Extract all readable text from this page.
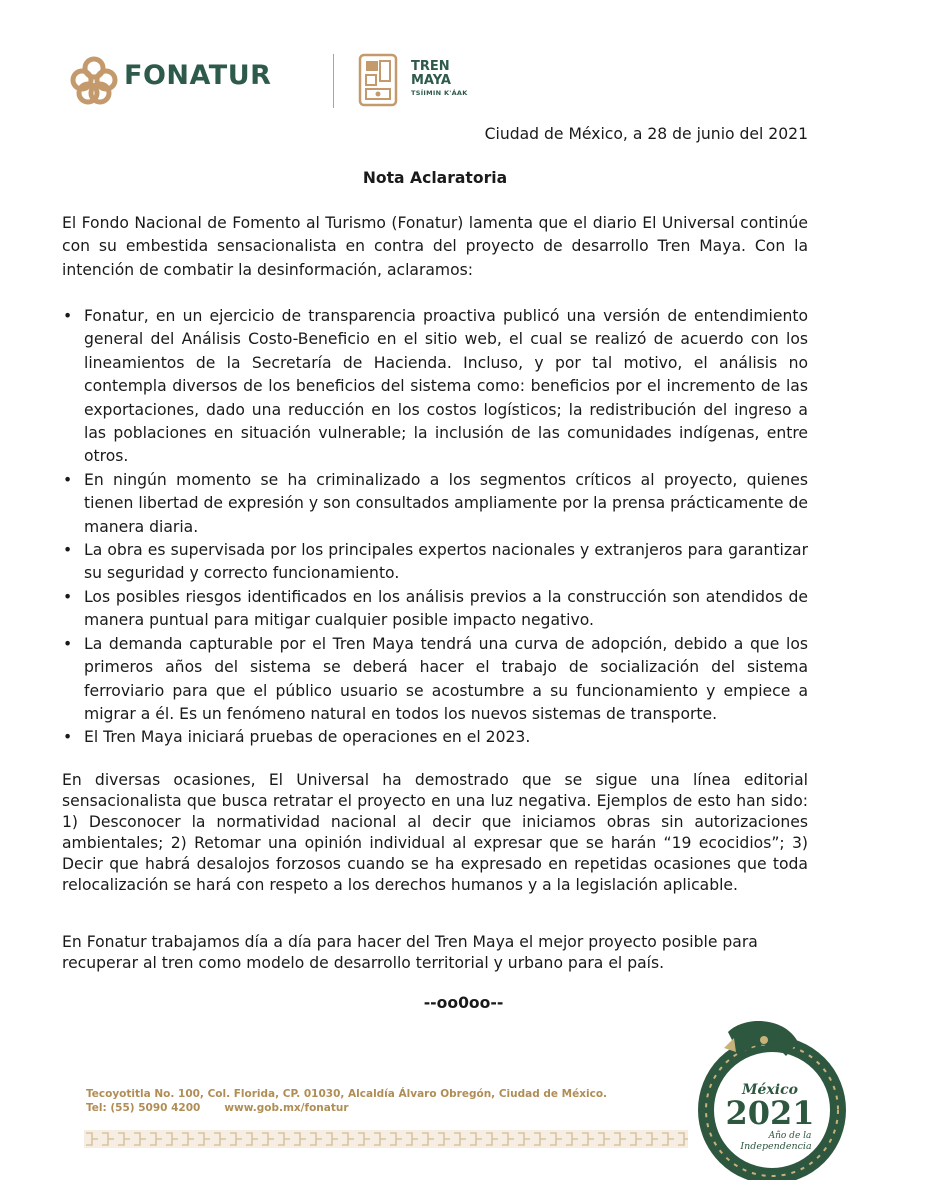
FONATUR	TREN
MAYA
TSÍIMIN K'ÁAK
Ciudad de México, a 28 de junio del 2021
Nota Aclaratoria
El Fondo Nacional de Fomento al Turismo (Fonatur) lamenta que el diario El Universal continúe con su embestida sensacionalista en contra del proyecto de desarrollo Tren Maya. Con la intención de combatir la desinformación, aclaramos:
• Fonatur, en un ejercicio de transparencia proactiva publicó una versión de entendimiento general del Análisis Costo-Beneficio en el sitio web, el cual se realizó de acuerdo con los lineamientos de la Secretaría de Hacienda. Incluso, y por tal motivo, el análisis no contempla diversos de los beneficios del sistema como: beneficios por el incremento de las exportaciones, dado una reducción en los costos logísticos; la redistribución del ingreso a las poblaciones en situación vulnerable; la inclusión de las comunidades indígenas, entre otros.
• En ningún momento se ha criminalizado a los segmentos críticos al proyecto, quienes tienen libertad de expresión y son consultados ampliamente por la prensa prácticamente de manera diaria.
• La obra es supervisada por los principales expertos nacionales y extranjeros para garantizar su seguridad y correcto funcionamiento.
• Los posibles riesgos identificados en los análisis previos a la construcción son atendidos de manera puntual para mitigar cualquier posible impacto negativo.
• La demanda capturable por el Tren Maya tendrá una curva de adopción, debido a que los primeros años del sistema se deberá hacer el trabajo de socialización del sistema ferroviario para que el público usuario se acostumbre a su funcionamiento y empiece a migrar a él. Es un fenómeno natural en todos los nuevos sistemas de transporte.
• El Tren Maya iniciará pruebas de operaciones en el 2023.
En diversas ocasiones, El Universal ha demostrado que se sigue una línea editorial sensacionalista que busca retratar el proyecto en una luz negativa. Ejemplos de esto han sido: 1) Desconocer la normatividad nacional al decir que iniciamos obras sin autorizaciones ambientales; 2) Retomar una opinión individual al expresar que se harán “19 ecocidios”; 3) Decir que habrá desalojos forzosos cuando se ha expresado en repetidas ocasiones que toda relocalización se hará con respeto a los derechos humanos y a la legislación aplicable.
En Fonatur trabajamos día a día para hacer del Tren Maya el mejor proyecto posible para recuperar al tren como modelo de desarrollo territorial y urbano para el país.
--oo0oo--
Tecoyotitla No. 100, Col. Florida, CP. 01030, Alcaldía Álvaro Obregón, Ciudad de México.
Tel: (55) 5090 4200 www.gob.mx/fonatur
México
2021
Año de la
Independencia
